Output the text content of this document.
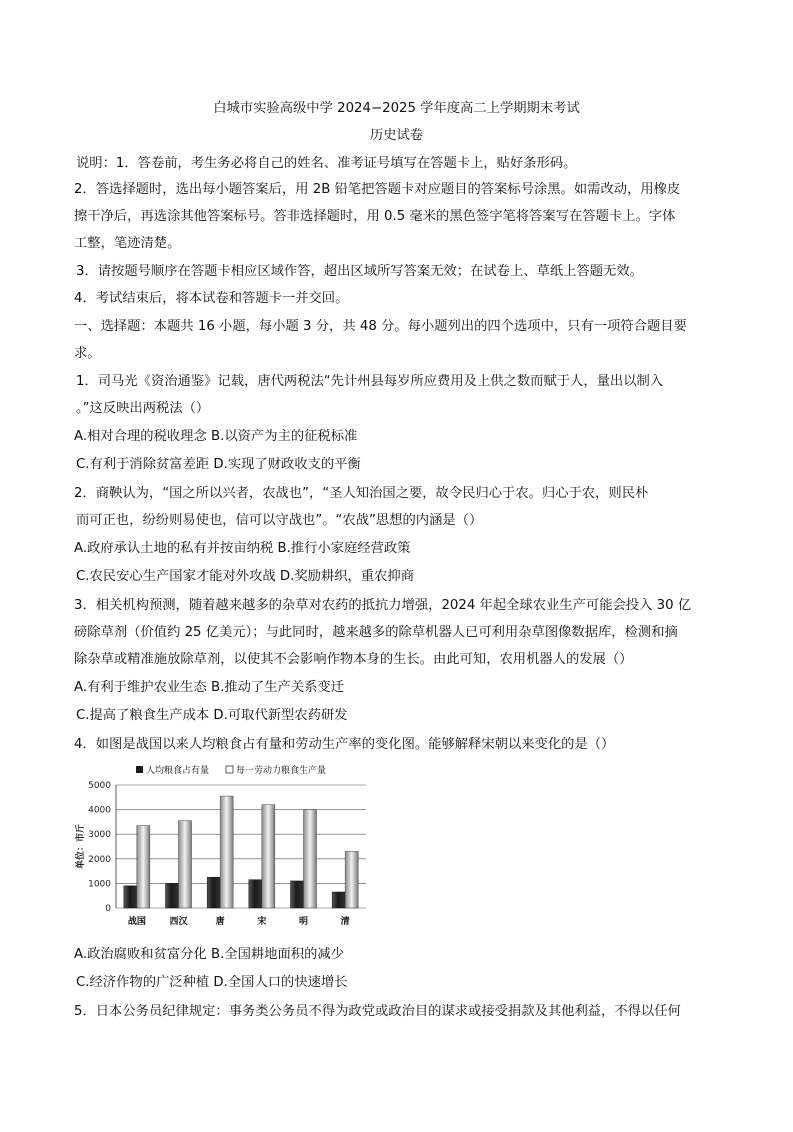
白城市实验高级中学 2024−2025 学年度高二上学期期末考试
历史试卷
说明：1．答卷前，考生务必将自己的姓名、准考证号填写在答题卡上，贴好条形码。
2．答选择题时，选出每小题答案后，用 2B 铅笔把答题卡对应题目的答案标号涂黑。如需改动，用橡皮
擦干净后，再选涂其他答案标号。答非选择题时，用 0.5 毫米的黑色签字笔将答案写在答题卡上。字体
工整，笔迹清楚。
3．请按题号顺序在答题卡相应区域作答，超出区域所写答案无效；在试卷上、草纸上答题无效。
4．考试结束后，将本试卷和答题卡一并交回。
一、选择题：本题共 16 小题，每小题 3 分，共 48 分。每小题列出的四个选项中，只有一项符合题目要
求。
1．司马光《资治通鉴》记载，唐代两税法“先计州县每岁所应费用及上供之数而赋于人，量出以制入
。”这反映出两税法（）
A.相对合理的税收理念 B.以资产为主的征税标准
C.有利于消除贫富差距 D.实现了财政收支的平衡
2．商鞅认为，“国之所以兴者，农战也”，“圣人知治国之要，故令民归心于农。归心于农，则民朴
而可正也，纷纷则易使也，信可以守战也”。“农战”思想的内涵是（）
A.政府承认土地的私有并按亩纳税 B.推行小家庭经营政策
C.农民安心生产国家才能对外攻战 D.奖励耕织，重农抑商
3．相关机构预测，随着越来越多的杂草对农药的抵抗力增强，2024 年起全球农业生产可能会投入 30 亿
磅除草剂（价值约 25 亿美元）；与此同时，越来越多的除草机器人已可利用杂草图像数据库，检测和摘
除杂草或精准施放除草剂，以使其不会影响作物本身的生长。由此可知，农用机器人的发展（）
A.有利于维护农业生态 B.推动了生产关系变迁
C.提高了粮食生产成本 D.可取代新型农药研发
4．如图是战国以来人均粮食占有量和劳动生产率的变化图。能够解释宋朝以来变化的是（）
0
1000
2000
3000
4000
5000
单位：市斤
战国	西汉	唐	宋	明	清
人均粮食占有量	每一劳动力粮食生产量
A.政治腐败和贫富分化 B.全国耕地面积的减少
C.经济作物的广泛种植 D.全国人口的快速增长
5．日本公务员纪律规定：事务类公务员不得为政党或政治目的谋求或接受捐款及其他利益，不得以任何
